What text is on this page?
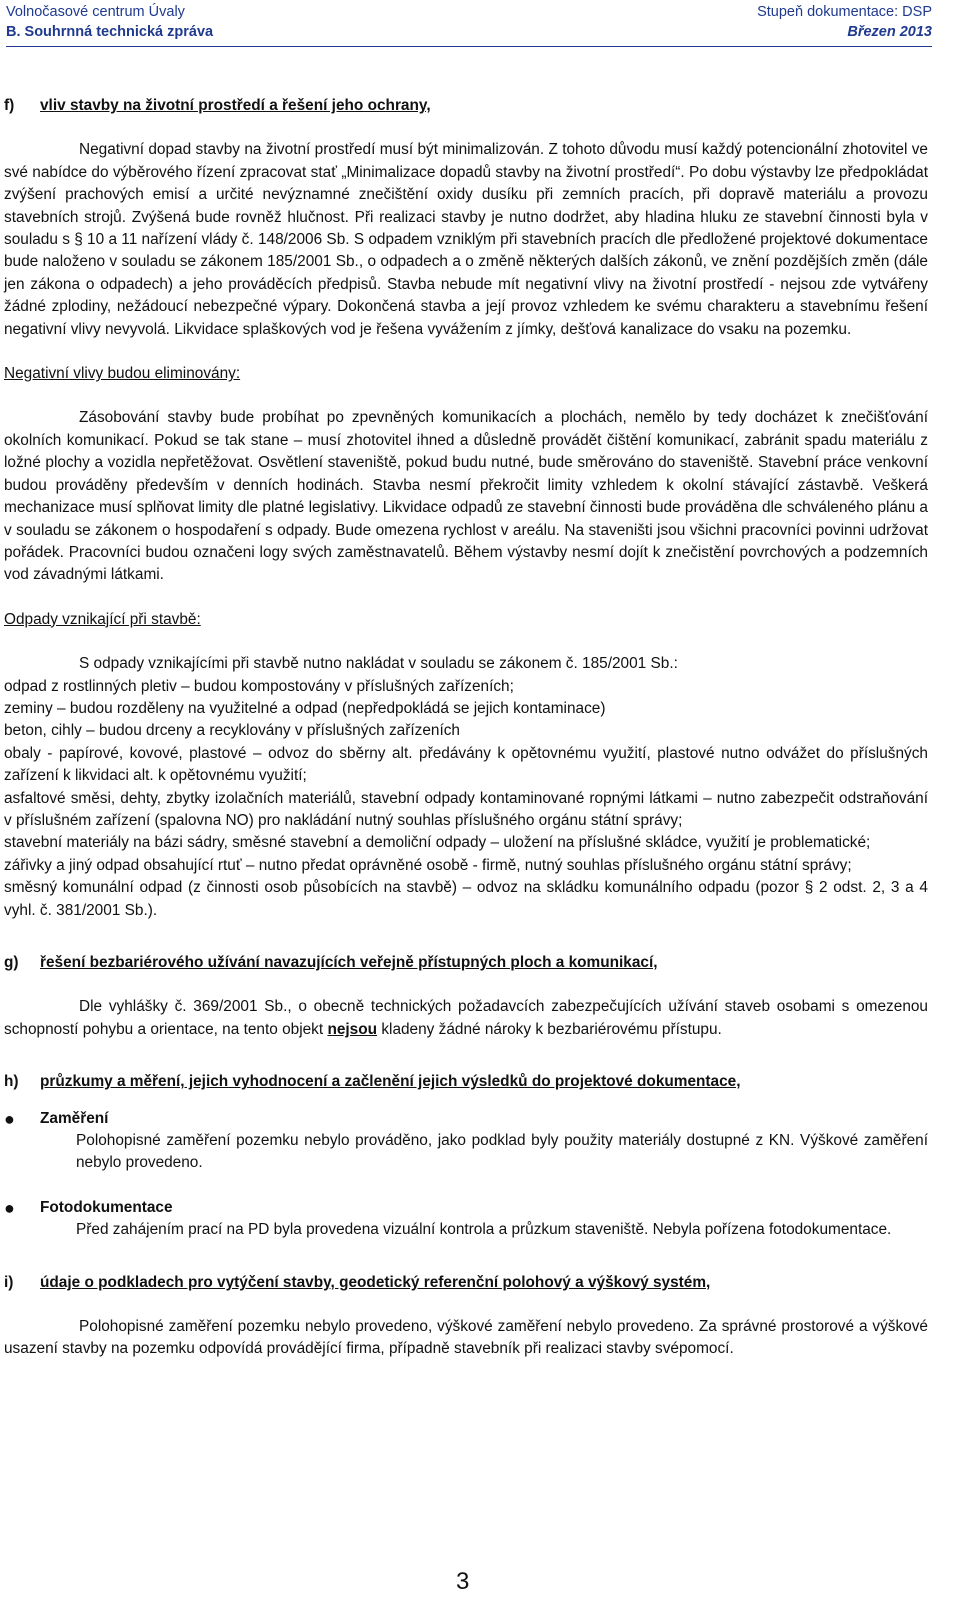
Volnočasové centrum Úvaly	Stupeň dokumentace: DSP
B. Souhrnná technická zpráva	Březen 2013
f)	vliv stavby na životní prostředí a řešení jeho ochrany,

Negativní dopad stavby na životní prostředí musí být minimalizován. Z tohoto důvodu musí každý potencionální zhotovitel ve své nabídce do výběrového řízení zpracovat stať „Minimalizace dopadů stavby na životní prostředí“. Po dobu výstavby lze předpokládat zvýšení prachových emisí a určité nevýznamné znečištění oxidy dusíku při zemních pracích, při dopravě materiálu a provozu stavebních strojů. Zvýšená bude rovněž hlučnost. Při realizaci stavby je nutno dodržet, aby hladina hluku ze stavební činnosti byla v souladu s § 10 a 11 nařízení vlády č. 148/2006 Sb. S odpadem vzniklým při stavebních pracích dle předložené projektové dokumentace bude naloženo v souladu se zákonem 185/2001 Sb., o odpadech a o změně některých dalších zákonů, ve znění pozdějších změn (dále jen zákona o odpadech) a jeho prováděcích předpisů. Stavba nebude mít negativní vlivy na životní prostředí - nejsou zde vytvářeny žádné zplodiny, nežádoucí nebezpečné výpary. Dokončená stavba a její provoz vzhledem ke svému charakteru a stavebnímu řešení negativní vlivy nevyvolá. Likvidace splaškových vod je řešena vyvážením z jímky, dešťová kanalizace do vsaku na pozemku.

Negativní vlivy budou eliminovány:

Zásobování stavby bude probíhat po zpevněných komunikacích a plochách, nemělo by tedy docházet k znečišťování okolních komunikací. Pokud se tak stane – musí zhotovitel ihned a důsledně provádět čištění komunikací, zabránit spadu materiálu z ložné plochy a vozidla nepřetěžovat. Osvětlení staveniště, pokud budu nutné, bude směrováno do staveniště. Stavební práce venkovní budou prováděny především v denních hodinách. Stavba nesmí překročit limity vzhledem k okolní stávající zástavbě. Veškerá mechanizace musí splňovat limity dle platné legislativy. Likvidace odpadů ze stavební činnosti bude prováděna dle schváleného plánu a v souladu se zákonem o hospodaření s odpady. Bude omezena rychlost v areálu. Na staveništi jsou všichni pracovníci povinni udržovat pořádek. Pracovníci budou označeni logy svých zaměstnavatelů. Během výstavby nesmí dojít k znečistění povrchových a podzemních vod závadnými látkami.

Odpady vznikající při stavbě:

S odpady vznikajícími při stavbě nutno nakládat v souladu se zákonem č. 185/2001 Sb.:

odpad z rostlinných pletiv – budou kompostovány v příslušných zařízeních;

zeminy – budou rozděleny na využitelné a odpad (nepředpokládá se jejich kontaminace)

beton, cihly – budou drceny a recyklovány v příslušných zařízeních

obaly - papírové, kovové, plastové – odvoz do sběrny alt. předávány k opětovnému využití, plastové nutno odvážet do příslušných zařízení k likvidaci alt. k opětovnému využití;

asfaltové směsi, dehty, zbytky izolačních materiálů, stavební odpady kontaminované ropnými látkami – nutno zabezpečit odstraňování v příslušném zařízení (spalovna NO) pro nakládání nutný souhlas příslušného orgánu státní správy;

stavební materiály na bázi sádry, směsné stavební a demoliční odpady – uložení na příslušné skládce, využití je problematické;

zářivky a jiný odpad obsahující rtuť – nutno předat oprávněné osobě - firmě, nutný souhlas příslušného orgánu státní správy;

směsný komunální odpad (z činnosti osob působících na stavbě) – odvoz na skládku komunálního odpadu (pozor § 2 odst. 2, 3 a 4 vyhl. č. 381/2001 Sb.).

g)	řešení bezbariérového užívání navazujících veřejně přístupných ploch a komunikací,

Dle vyhlášky č. 369/2001 Sb., o obecně technických požadavcích zabezpečujících užívání staveb osobami s omezenou schopností pohybu a orientace, na tento objekt nejsou kladeny žádné nároky k bezbariérovému přístupu.

h)	průzkumy a měření, jejich vyhodnocení a začlenění jejich výsledků do projektové dokumentace,
●	Zaměření

Polohopisné zaměření pozemku nebylo prováděno, jako podklad byly použity materiály dostupné z KN. Výškové zaměření nebylo provedeno.

●	Fotodokumentace

Před zahájením prací na PD byla provedena vizuální kontrola a průzkum staveniště. Nebyla pořízena fotodokumentace.

i)	údaje o podkladech pro vytýčení stavby, geodetický referenční polohový a výškový systém,

Polohopisné zaměření pozemku nebylo provedeno, výškové zaměření nebylo provedeno. Za správné prostorové a výškové usazení stavby na pozemku odpovídá provádějící firma, případně stavebník při realizaci stavby svépomocí.

3
